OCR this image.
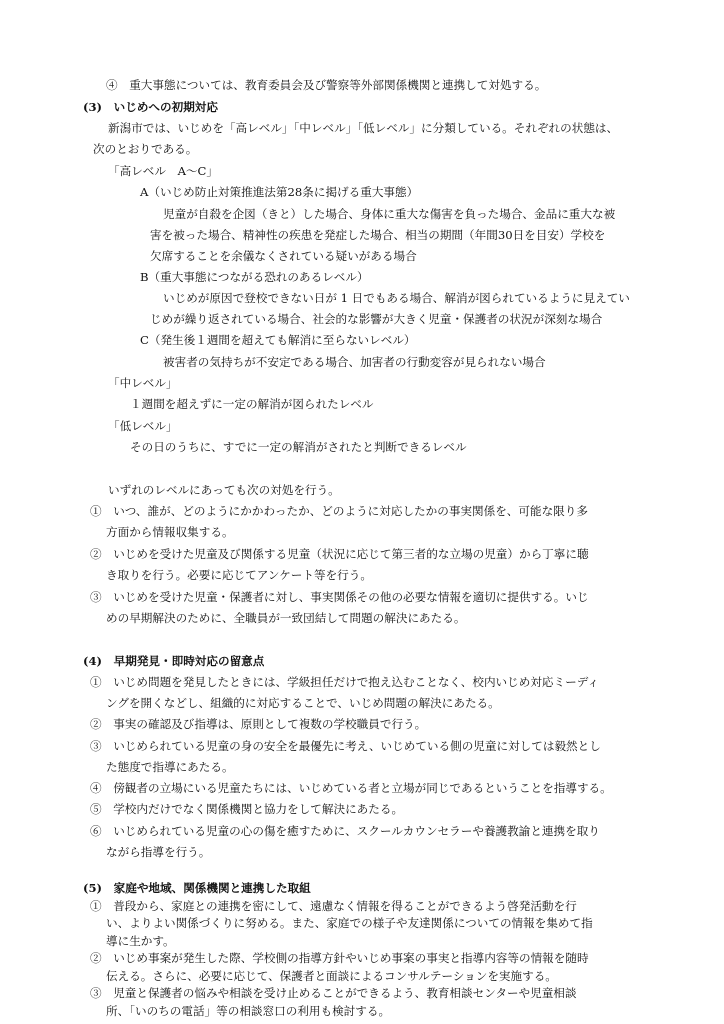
④　重大事態については、教育委員会及び警察等外部関係機関と連携して対処する。
(3)　いじめへの初期対応
新潟市では、いじめを「高レベル」「中レベル」「低レベル」に分類している。それぞれの状態は、
次のとおりである。
「高レベル　A～C」
A（いじめ防止対策推進法第28条に掲げる重大事態）
児童が自殺を企図（きと）した場合、身体に重大な傷害を負った場合、金品に重大な被
害を被った場合、精神性の疾患を発症した場合、相当の期間（年間30日を目安）学校を
欠席することを余儀なくされている疑いがある場合
B（重大事態につながる恐れのあるレベル）
いじめが原因で登校できない日が 1 日でもある場合、解消が図られているように見えてい
じめが繰り返されている場合、社会的な影響が大きく児童・保護者の状況が深刻な場合
C（発生後１週間を超えても解消に至らないレベル）
被害者の気持ちが不安定である場合、加害者の行動変容が見られない場合
「中レベル」
１週間を超えずに一定の解消が図られたレベル
「低レベル」
その日のうちに、すでに一定の解消がされたと判断できるレベル
いずれのレベルにあっても次の対処を行う。
①　いつ、誰が、どのようにかかわったか、どのように対応したかの事実関係を、可能な限り多
方面から情報収集する。
②　いじめを受けた児童及び関係する児童（状況に応じて第三者的な立場の児童）から丁寧に聴
き取りを行う。必要に応じてアンケート等を行う。
③　いじめを受けた児童・保護者に対し、事実関係その他の必要な情報を適切に提供する。いじ
めの早期解決のために、全職員が一致団結して問題の解決にあたる。
(4)　早期発見・即時対応の留意点
①　いじめ問題を発見したときには、学級担任だけで抱え込むことなく、校内いじめ対応ミーディ
ングを開くなどし、組織的に対応することで、いじめ問題の解決にあたる。
②　事実の確認及び指導は、原則として複数の学校職員で行う。
③　いじめられている児童の身の安全を最優先に考え、いじめている側の児童に対しては毅然とし
た態度で指導にあたる。
④　傍観者の立場にいる児童たちには、いじめている者と立場が同じであるということを指導する。
⑤　学校内だけでなく関係機関と協力をして解決にあたる。
⑥　いじめられている児童の心の傷を癒すために、スクールカウンセラーや養護教諭と連携を取り
ながら指導を行う。
(5)　家庭や地域、関係機関と連携した取組
①　普段から、家庭との連携を密にして、遠慮なく情報を得ることができるよう啓発活動を行
い、よりよい関係づくりに努める。また、家庭での様子や友達関係についての情報を集めて指
導に生かす。
②　いじめ事案が発生した際、学校側の指導方針やいじめ事案の事実と指導内容等の情報を随時
伝える。さらに、必要に応じて、保護者と面談によるコンサルテーションを実施する。
③　児童と保護者の悩みや相談を受け止めることができるよう、教育相談センターや児童相談
所、「いのちの電話」等の相談窓口の利用も検討する。
